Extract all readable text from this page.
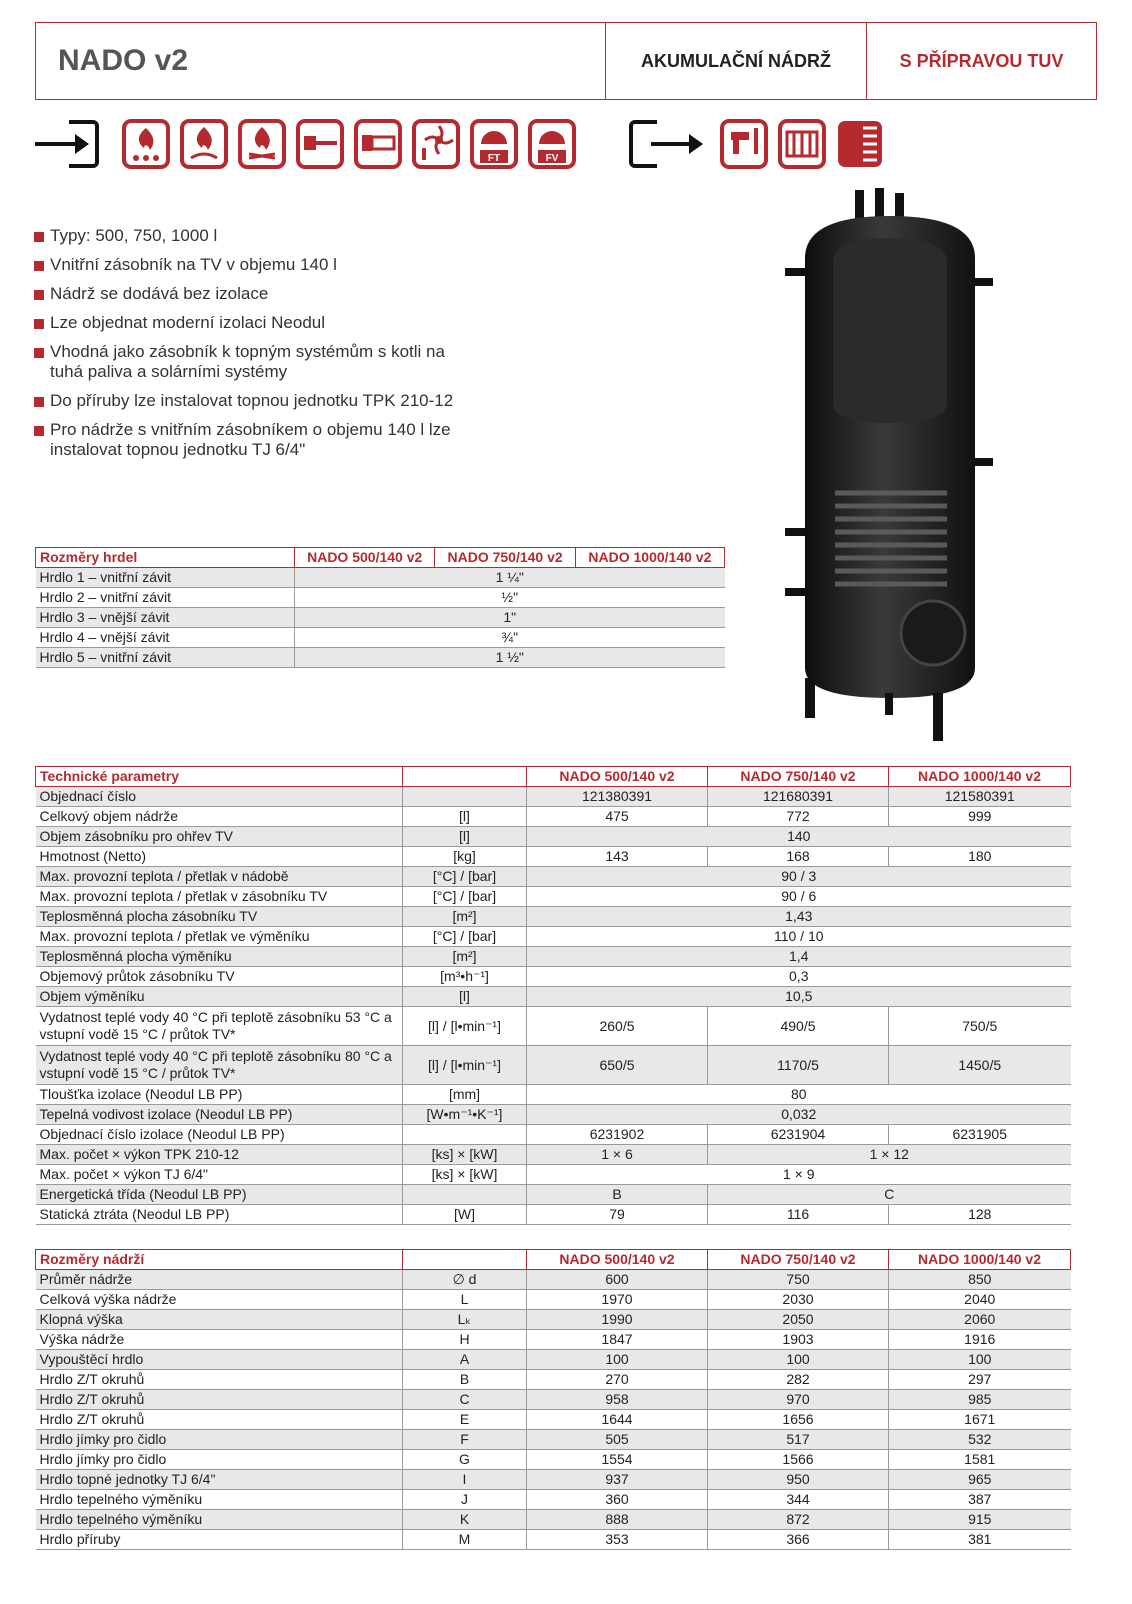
NADO v2	AKUMULAČNÍ NÁDRŽ	S PŘÍPRAVOU TUV
FT	FV
Typy: 500, 750, 1000 l
Vnitřní zásobník na TV v objemu 140 l
Nádrž se dodává bez izolace
Lze objednat moderní izolaci Neodul
Vhodná jako zásobník k topným systémům s kotli na tuhá paliva a solárními systémy
Do příruby lze instalovat topnou jednotku TPK 210-12
Pro nádrže s vnitřním zásobníkem o objemu 140 l lze instalovat topnou jednotku TJ 6/4"
Rozměry hrdel	NADO 500/140 v2	NADO 750/140 v2	NADO 1000/140 v2
Hrdlo 1 – vnitřní závit	1 ¼"		
Hrdlo 2 – vnitřní závit	½"		
Hrdlo 3 – vnější závit	1"		
Hrdlo 4 – vnější závit	¾"		
Hrdlo 5 – vnitřní závit	1 ½"		
Technické parametry		NADO 500/140 v2	NADO 750/140 v2	NADO 1000/140 v2
Objednací číslo		121380391	121680391	121580391
Celkový objem nádrže	[l]	475	772	999
Objem zásobníku pro ohřev TV	[l]	140		
Hmotnost (Netto)	[kg]	143	168	180
Max. provozní teplota / přetlak v nádobě	[°C] / [bar]	90 / 3		
Max. provozní teplota / přetlak v zásobníku TV	[°C] / [bar]	90 / 6		
Teplosměnná plocha zásobníku TV	[m²]	1,43		
Max. provozní teplota / přetlak ve výměníku	[°C] / [bar]	110 / 10		
Teplosměnná plocha výměníku	[m²]	1,4		
Objemový průtok zásobníku TV	[m³•h⁻¹]	0,3		
Objem výměníku	[l]	10,5		
Vydatnost teplé vody 40 °C při teplotě zásobníku 53 °C a vstupní vodě 15 °C / průtok TV*	[l] / [l•min⁻¹]	260/5	490/5	750/5
Vydatnost teplé vody 40 °C při teplotě zásobníku 80 °C a vstupní vodě 15 °C / průtok TV*	[l] / [l•min⁻¹]	650/5	1170/5	1450/5
Tloušťka izolace (Neodul LB PP)	[mm]	80		
Tepelná vodivost izolace (Neodul LB PP)	[W•m⁻¹•K⁻¹]	0,032		
Objednací číslo izolace (Neodul LB PP)		6231902	6231904	6231905
Max. počet × výkon TPK 210-12	[ks] × [kW]	1 × 6	1 × 12	
Max. počet × výkon TJ 6/4"	[ks] × [kW]	1 × 9		
Energetická třída (Neodul LB PP)		B	C	
Statická ztráta (Neodul LB PP)	[W]	79	116	128
Rozměry nádrží		NADO 500/140 v2	NADO 750/140 v2	NADO 1000/140 v2
Průměr nádrže	∅ d	600	750	850
Celková výška nádrže	L	1970	2030	2040
Klopná výška	Lₖ	1990	2050	2060
Výška nádrže	H	1847	1903	1916
Vypouštěcí hrdlo	A	100	100	100
Hrdlo Z/T okruhů	B	270	282	297
Hrdlo Z/T okruhů	C	958	970	985
Hrdlo Z/T okruhů	E	1644	1656	1671
Hrdlo jímky pro čidlo	F	505	517	532
Hrdlo jímky pro čidlo	G	1554	1566	1581
Hrdlo topné jednotky TJ 6/4"	I	937	950	965
Hrdlo tepelného výměníku	J	360	344	387
Hrdlo tepelného výměníku	K	888	872	915
Hrdlo příruby	M	353	366	381
